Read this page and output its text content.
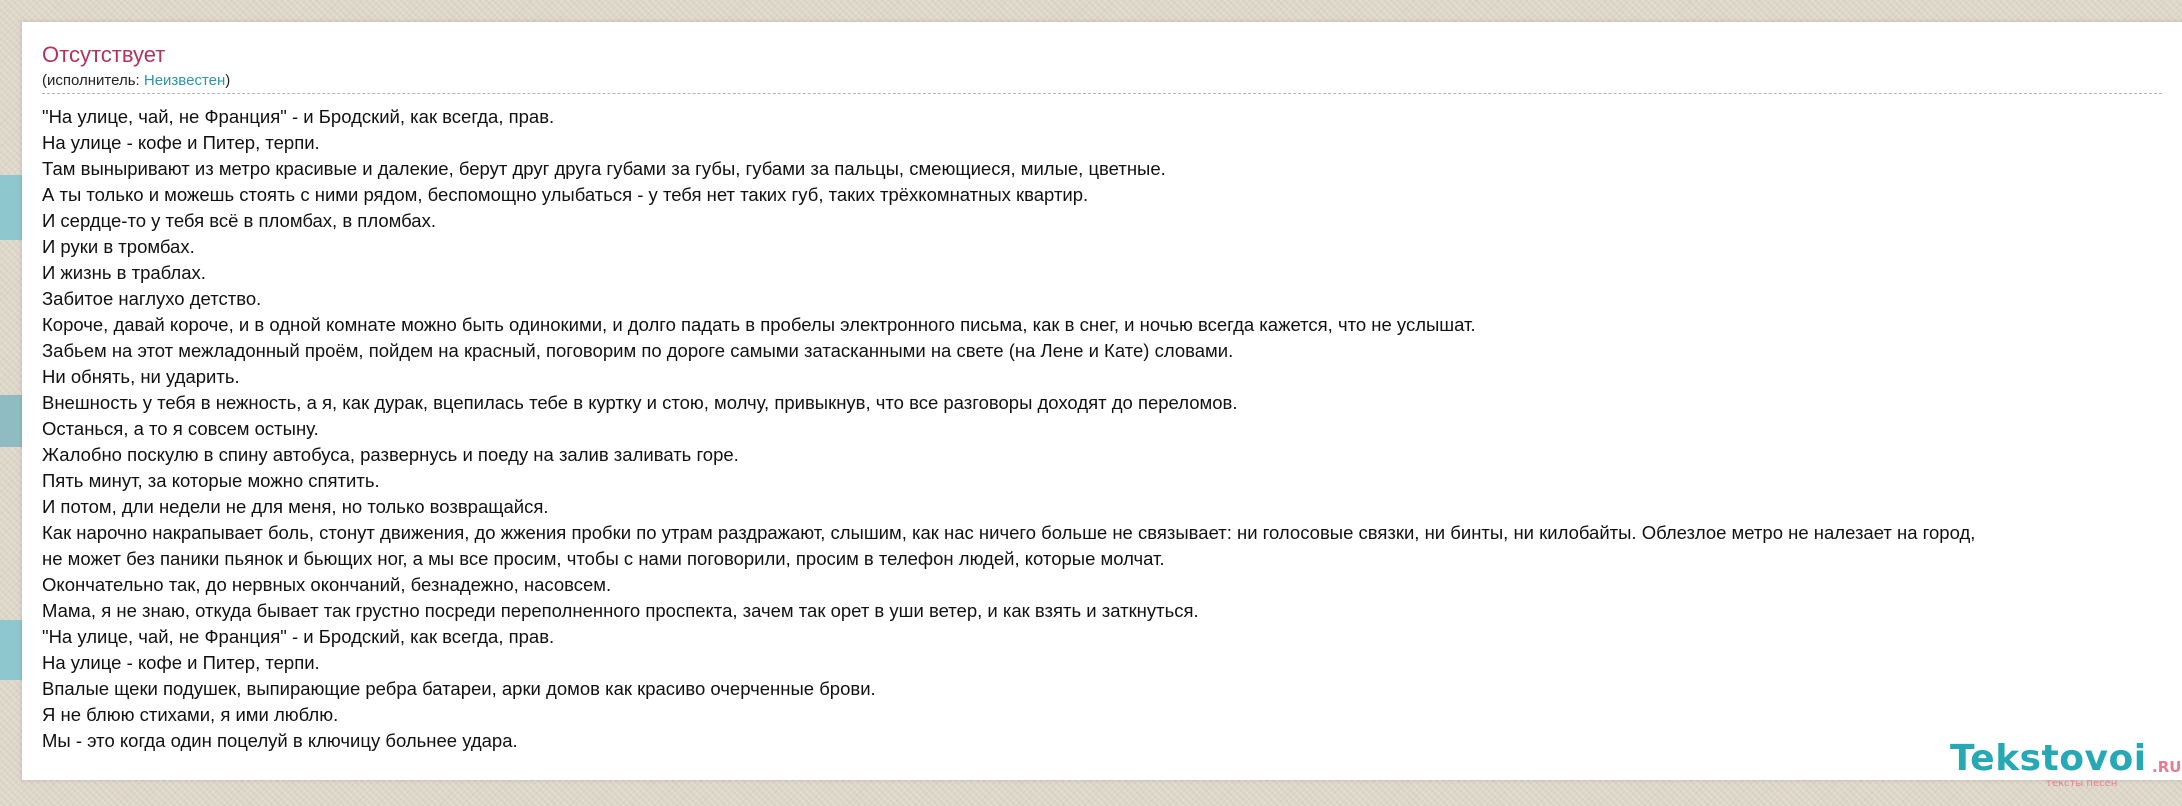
Отсутствует
(исполнитель: Неизвестен)
"На улице, чай, не Франция" - и Бродский, как всегда, прав.
На улице - кофе и Питер, терпи.
Там выныривают из метро красивые и далекие, берут друг друга губами за губы, губами за пальцы, смеющиеся, милые, цветные.
А ты только и можешь стоять с ними рядом, беспомощно улыбаться - у тебя нет таких губ, таких трёхкомнатных квартир.
И сердце-то у тебя всё в пломбах, в пломбах.
И руки в тромбах.
И жизнь в траблах.
Забитое наглухо детство.
Короче, давай короче, и в одной комнате можно быть одинокими, и долго падать в пробелы электронного письма, как в снег, и ночью всегда кажется, что не услышат.
Забьем на этот межладонный проём, пойдем на красный, поговорим по дороге самыми затасканными на свете (на Лене и Кате) словами.
Ни обнять, ни ударить.
Внешность у тебя в нежность, а я, как дурак, вцепилась тебе в куртку и стою, молчу, привыкнув, что все разговоры доходят до переломов.
Останься, а то я совсем остыну.
Жалобно поскулю в спину автобуса, развернусь и поеду на залив заливать горе.
Пять минут, за которые можно спятить.
И потом, дли недели не для меня, но только возвращайся.
Как нарочно накрапывает боль, стонут движения, до жжения пробки по утрам раздражают, слышим, как нас ничего больше не связывает: ни голосовые связки, ни бинты, ни килобайты. Облезлое метро не налезает на город,
не может без паники пьянок и бьющих ног, а мы все просим, чтобы с нами поговорили, просим в телефон людей, которые молчат.
Окончательно так, до нервных окончаний, безнадежно, насовсем.
Мама, я не знаю, откуда бывает так грустно посреди переполненного проспекта, зачем так орет в уши ветер, и как взять и заткнуться.
"На улице, чай, не Франция" - и Бродский, как всегда, прав.
На улице - кофе и Питер, терпи.
Впалые щеки подушек, выпирающие ребра батареи, арки домов как красиво очерченные брови.
Я не блюю стихами, я ими люблю.
Мы - это когда один поцелуй в ключицу больнее удара.	Tekstovoi .RU
тексты песен
